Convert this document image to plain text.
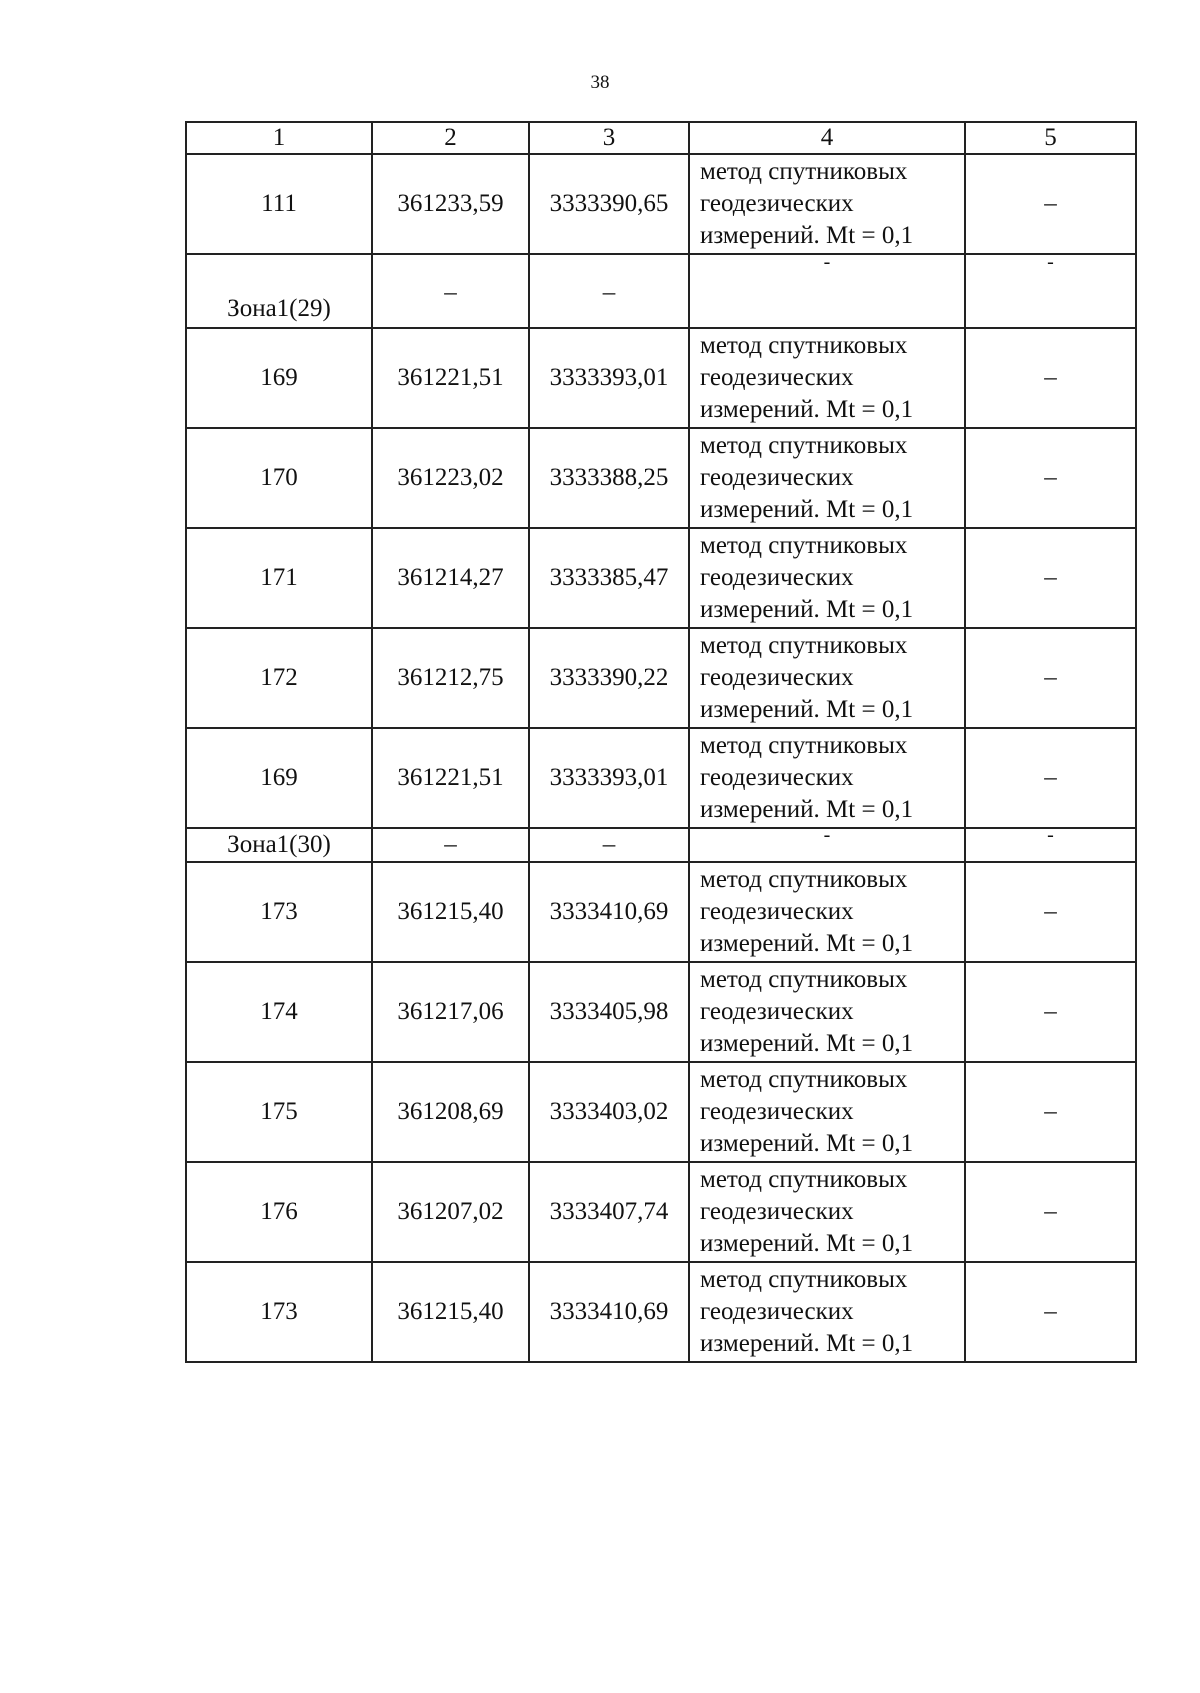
38
1	2	3	4	5
111	361233,59	3333390,65	метод спутниковых
геодезических
измерений. Mt = 0,1	–
Зона1(29)	–	–	-	-
169	361221,51	3333393,01	метод спутниковых
геодезических
измерений. Mt = 0,1	–
170	361223,02	3333388,25	метод спутниковых
геодезических
измерений. Mt = 0,1	–
171	361214,27	3333385,47	метод спутниковых
геодезических
измерений. Mt = 0,1	–
172	361212,75	3333390,22	метод спутниковых
геодезических
измерений. Mt = 0,1	–
169	361221,51	3333393,01	метод спутниковых
геодезических
измерений. Mt = 0,1	–
Зона1(30)	–	–	-	-
173	361215,40	3333410,69	метод спутниковых
геодезических
измерений. Mt = 0,1	–
174	361217,06	3333405,98	метод спутниковых
геодезических
измерений. Mt = 0,1	–
175	361208,69	3333403,02	метод спутниковых
геодезических
измерений. Mt = 0,1	–
176	361207,02	3333407,74	метод спутниковых
геодезических
измерений. Mt = 0,1	–
173	361215,40	3333410,69	метод спутниковых
геодезических
измерений. Mt = 0,1	–
